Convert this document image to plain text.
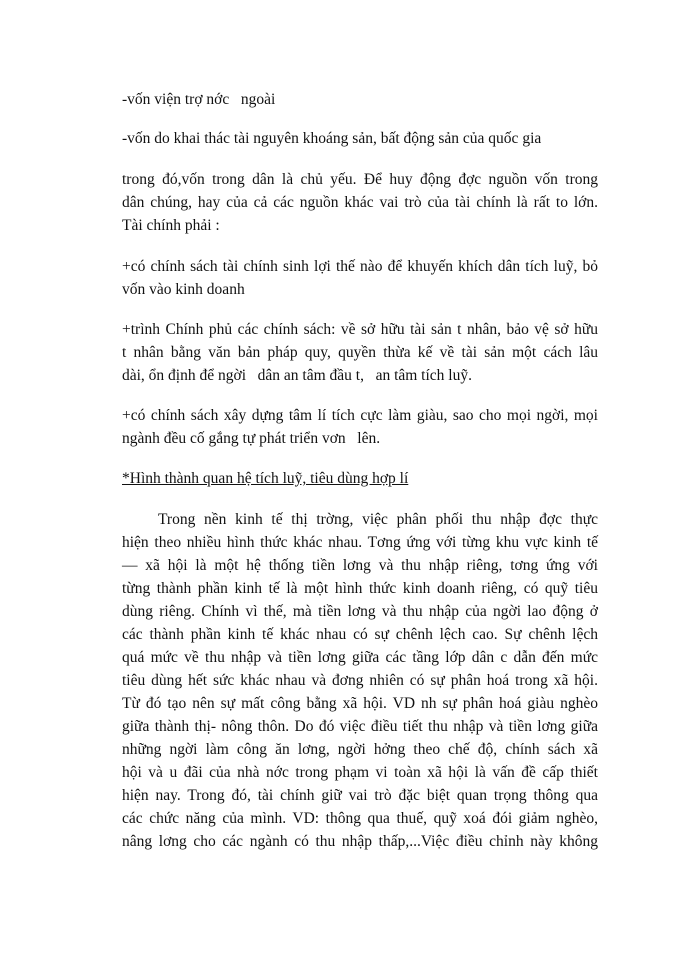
-vốn viện trợ nớc   ngoài
-vốn do khai thác tài nguyên khoáng sản, bất động sản của quốc gia
trong đó,vốn trong dân là chủ yếu. Để huy động đợc nguồn vốn trong
dân chúng, hay của cả các nguồn khác vai trò của tài chính là rất to lớn.
Tài chính phải :
+có chính sách tài chính sinh lợi thế nào để khuyến khích dân tích luỹ, bỏ
vốn vào kinh doanh
+trình Chính phủ các chính sách: về sở hữu tài sản t nhân, bảo vệ sở hữu
t nhân bằng văn bản pháp quy, quyền thừa kế về tài sản một cách lâu
dài, ổn định để ngời   dân an tâm đầu t,   an tâm tích luỹ.
+có chính sách xây dựng tâm lí tích cực làm giàu, sao cho mọi ngời, mọi
ngành đều cố gắng tự phát triển vơn   lên.
*Hình thành quan hệ tích luỹ, tiêu dùng hợp lí
Trong nền kinh tế thị trờng, việc phân phối thu nhập đợc thực
hiện theo nhiều hình thức khác nhau. Tơng ứng với từng khu vực kinh tế
— xã hội là một hệ thống tiền lơng và thu nhập riêng, tơng ứng với
từng thành phần kinh tế là một hình thức kinh doanh riêng, có quỹ tiêu
dùng riêng. Chính vì thế, mà tiền lơng và thu nhập của ngời lao động ở
các thành phần kinh tế khác nhau có sự chênh lệch cao. Sự chênh lệch
quá mức về thu nhập và tiền lơng giữa các tầng lớp dân c dẫn đến mức
tiêu dùng hết sức khác nhau và đơng nhiên có sự phân hoá trong xã hội.
Từ đó tạo nên sự mất công bằng xã hội. VD nh sự phân hoá giàu nghèo
giữa thành thị- nông thôn. Do đó việc điều tiết thu nhập và tiền lơng giữa
những ngời làm công ăn lơng, ngời hởng theo chế độ, chính sách xã
hội và u đãi của nhà nớc trong phạm vi toàn xã hội là vấn đề cấp thiết
hiện nay. Trong đó, tài chính giữ vai trò đặc biệt quan trọng thông qua
các chức năng của mình. VD: thông qua thuế, quỹ xoá đói giảm nghèo,
nâng lơng cho các ngành có thu nhập thấp,...Việc điều chỉnh này không
